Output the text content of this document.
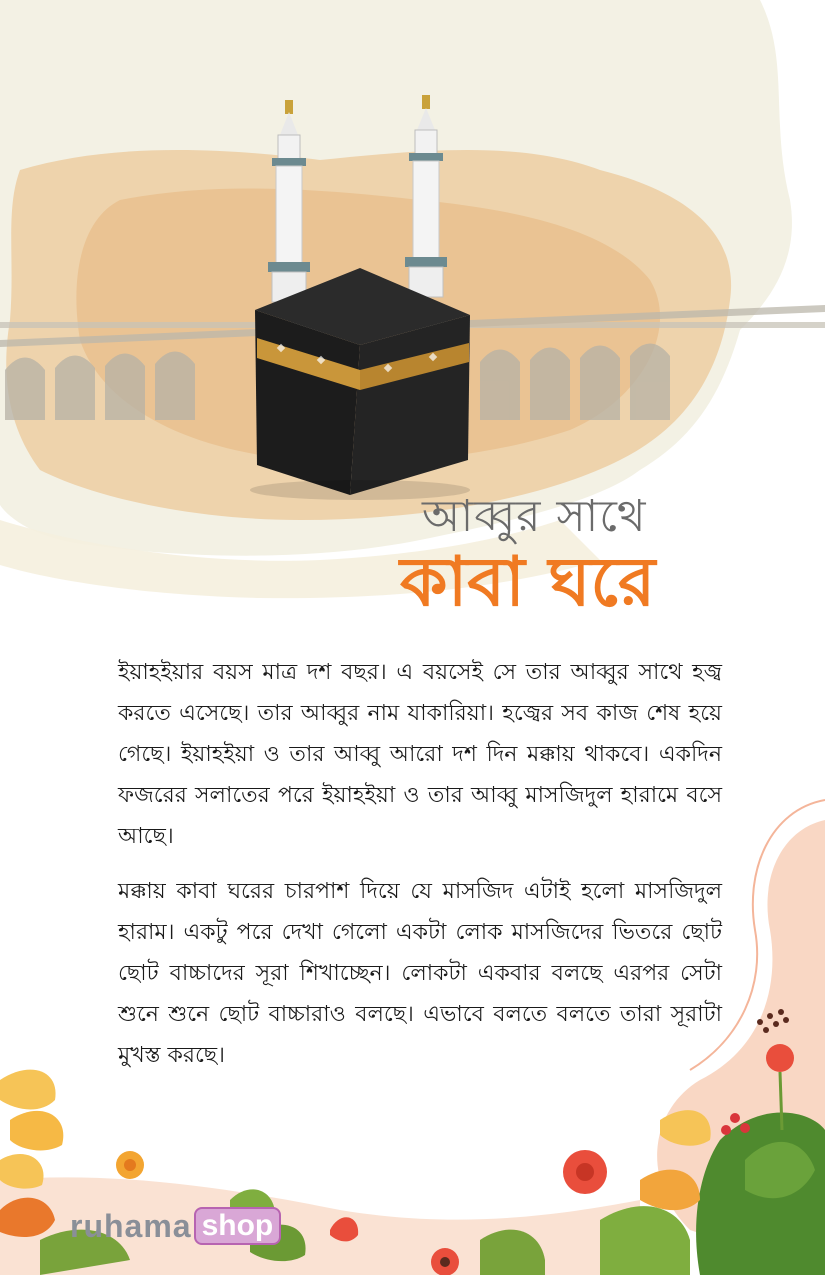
আব্বুর সাথে
কাবা ঘরে

ইয়াহইয়ার বয়স মাত্র দশ বছর। এ বয়সেই সে তার আব্বুর সাথে হজ্ব করতে এসেছে। তার আব্বুর নাম যাকারিয়া। হজ্বের সব কাজ শেষ হয়ে গেছে। ইয়াহইয়া ও তার আব্বু আরো দশ দিন মক্কায় থাকবে। একদিন ফজরের সলাতের পরে ইয়াহইয়া ও তার আব্বু মাসজিদুল হারামে বসে আছে।

মক্কায় কাবা ঘরের চারপাশ দিয়ে যে মাসজিদ এটাই হলো মাসজিদুল হারাম। একটু পরে দেখা গেলো একটা লোক মাসজিদের ভিতরে ছোট ছোট বাচ্চাদের সূরা শিখাচ্ছেন। লোকটা একবার বলছে এরপর সেটা শুনে শুনে ছোট বাচ্চারাও বলছে। এভাবে বলতে বলতে তারা সূরাটা মুখস্ত করছে।

ruhama shop
